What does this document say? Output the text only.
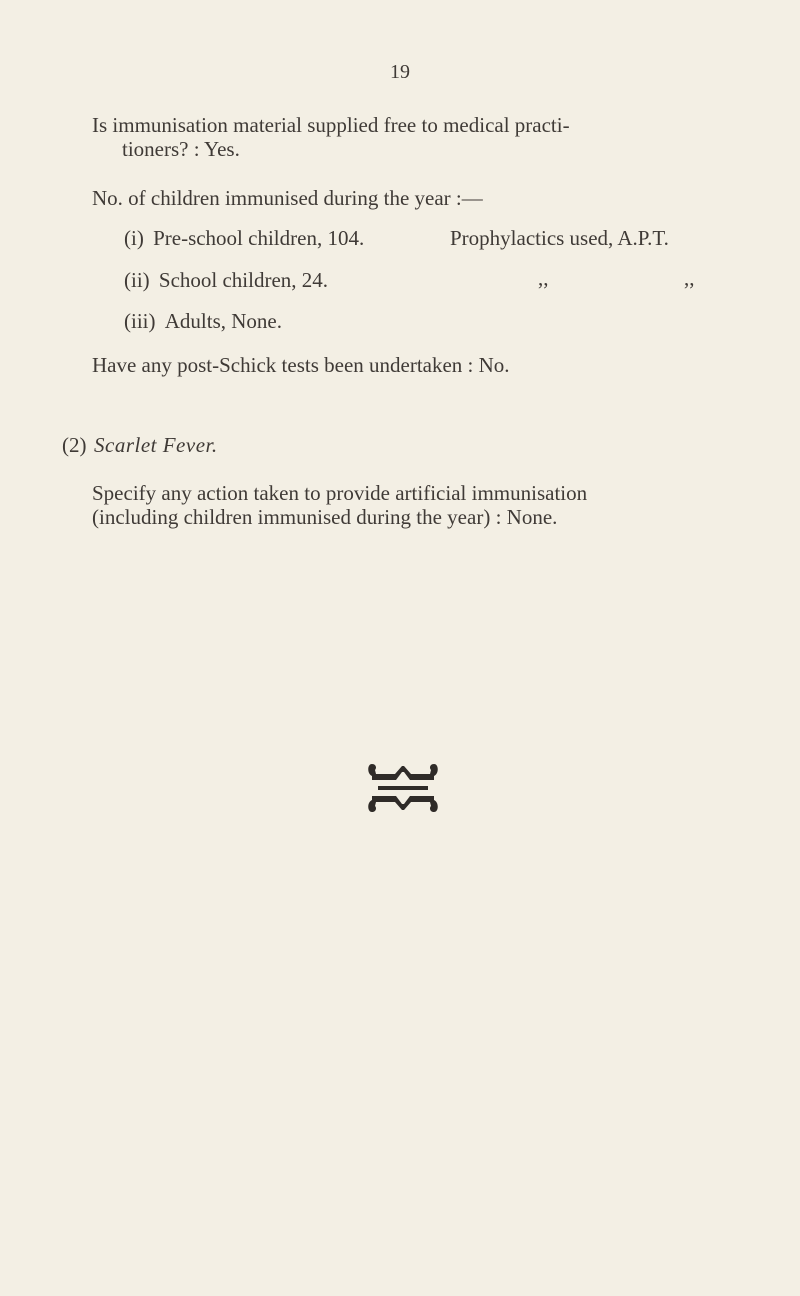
19
Is immunisation material supplied free to medical practi-
tioners? : Yes.
No. of children immunised during the year :—
(i) Pre-school children, 104.	Prophylactics used, A.P.T.
(ii) School children, 24.	,,	,,
(iii) Adults, None.
Have any post-Schick tests been undertaken : No.
(2) Scarlet Fever.
Specify any action taken to provide artificial immunisation
(including children immunised during the year) : None.
